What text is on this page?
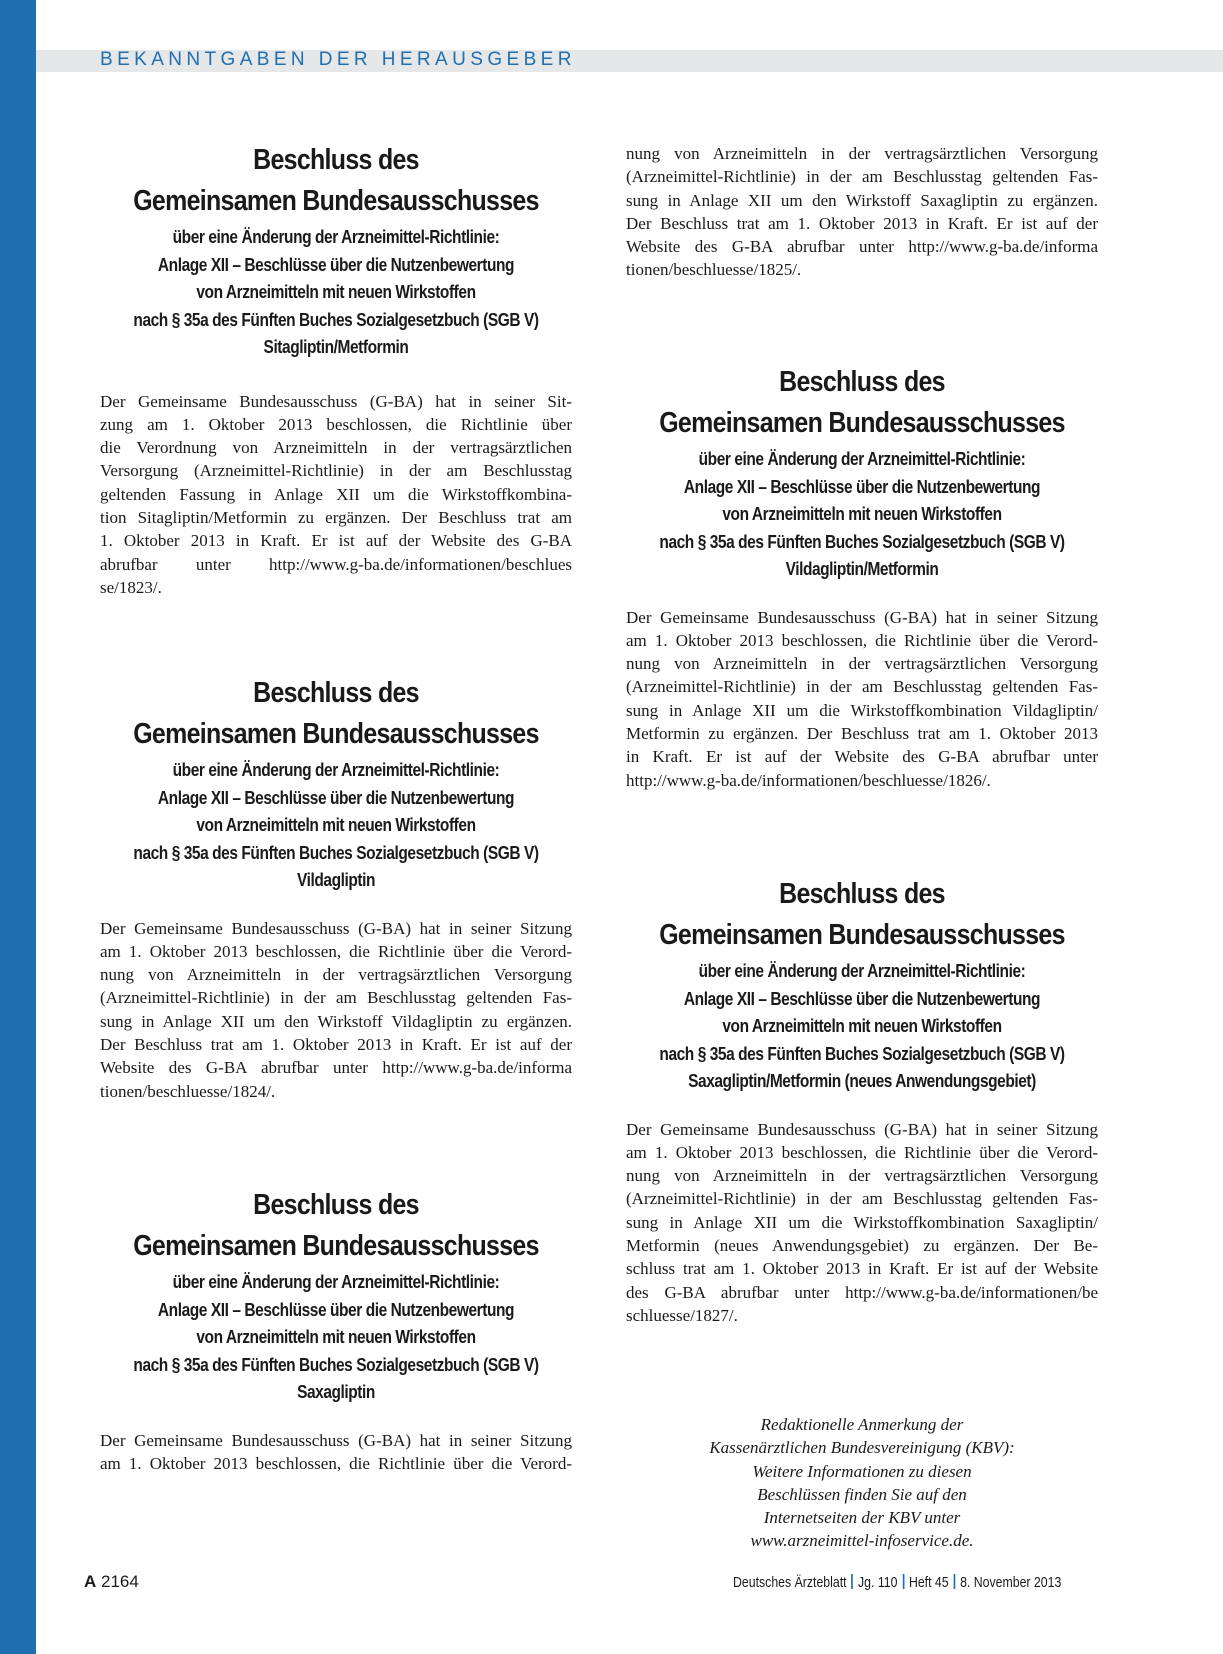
BEKANNTGABEN DER HERAUSGEBER
Beschluss des
Gemeinsamen Bundesausschusses
über eine Änderung der Arzneimittel-Richtlinie:
Anlage XII – Beschlüsse über die Nutzenbewertung
von Arzneimitteln mit neuen Wirkstoffen
nach § 35a des Fünften Buches Sozialgesetzbuch (SGB V)
Sitagliptin/Metformin
Der Gemeinsame Bundesausschuss (G-BA) hat in seiner Sit-
zung am 1. Oktober 2013 beschlossen, die Richtlinie über
die Verordnung von Arzneimitteln in der vertragsärztlichen
Versorgung (Arzneimittel-Richtlinie) in der am Beschlusstag
geltenden Fassung in Anlage XII um die Wirkstoffkombina-
tion Sitagliptin/Metformin zu ergänzen. Der Beschluss trat am
1. Oktober 2013 in Kraft. Er ist auf der Website des G-BA
abrufbar unter http://www.g-ba.de/informationen/beschlues
se/1823/.
Beschluss des
Gemeinsamen Bundesausschusses
über eine Änderung der Arzneimittel-Richtlinie:
Anlage XII – Beschlüsse über die Nutzenbewertung
von Arzneimitteln mit neuen Wirkstoffen
nach § 35a des Fünften Buches Sozialgesetzbuch (SGB V)
Vildagliptin
Der Gemeinsame Bundesausschuss (G-BA) hat in seiner Sitzung
am 1. Oktober 2013 beschlossen, die Richtlinie über die Verord-
nung von Arzneimitteln in der vertragsärztlichen Versorgung
(Arzneimittel-Richtlinie) in der am Beschlusstag geltenden Fas-
sung in Anlage XII um den Wirkstoff Vildagliptin zu ergänzen.
Der Beschluss trat am 1. Oktober 2013 in Kraft. Er ist auf der
Website des G-BA abrufbar unter http://www.g-ba.de/informa
tionen/beschluesse/1824/.
Beschluss des
Gemeinsamen Bundesausschusses
über eine Änderung der Arzneimittel-Richtlinie:
Anlage XII – Beschlüsse über die Nutzenbewertung
von Arzneimitteln mit neuen Wirkstoffen
nach § 35a des Fünften Buches Sozialgesetzbuch (SGB V)
Saxagliptin
Der Gemeinsame Bundesausschuss (G-BA) hat in seiner Sitzung
am 1. Oktober 2013 beschlossen, die Richtlinie über die Verord-
nung von Arzneimitteln in der vertragsärztlichen Versorgung
(Arzneimittel-Richtlinie) in der am Beschlusstag geltenden Fas-
sung in Anlage XII um den Wirkstoff Saxagliptin zu ergänzen.
Der Beschluss trat am 1. Oktober 2013 in Kraft. Er ist auf der
Website des G-BA abrufbar unter http://www.g-ba.de/informa
tionen/beschluesse/1825/.
Beschluss des
Gemeinsamen Bundesausschusses
über eine Änderung der Arzneimittel-Richtlinie:
Anlage XII – Beschlüsse über die Nutzenbewertung
von Arzneimitteln mit neuen Wirkstoffen
nach § 35a des Fünften Buches Sozialgesetzbuch (SGB V)
Vildagliptin/Metformin
Der Gemeinsame Bundesausschuss (G-BA) hat in seiner Sitzung
am 1. Oktober 2013 beschlossen, die Richtlinie über die Verord-
nung von Arzneimitteln in der vertragsärztlichen Versorgung
(Arzneimittel-Richtlinie) in der am Beschlusstag geltenden Fas-
sung in Anlage XII um die Wirkstoffkombination Vildagliptin/
Metformin zu ergänzen. Der Beschluss trat am 1. Oktober 2013
in Kraft. Er ist auf der Website des G-BA abrufbar unter
http://www.g-ba.de/informationen/beschluesse/1826/.
Beschluss des
Gemeinsamen Bundesausschusses
über eine Änderung der Arzneimittel-Richtlinie:
Anlage XII – Beschlüsse über die Nutzenbewertung
von Arzneimitteln mit neuen Wirkstoffen
nach § 35a des Fünften Buches Sozialgesetzbuch (SGB V)
Saxagliptin/Metformin (neues Anwendungsgebiet)
Der Gemeinsame Bundesausschuss (G-BA) hat in seiner Sitzung
am 1. Oktober 2013 beschlossen, die Richtlinie über die Verord-
nung von Arzneimitteln in der vertragsärztlichen Versorgung
(Arzneimittel-Richtlinie) in der am Beschlusstag geltenden Fas-
sung in Anlage XII um die Wirkstoffkombination Saxagliptin/
Metformin (neues Anwendungsgebiet) zu ergänzen. Der Be-
schluss trat am 1. Oktober 2013 in Kraft. Er ist auf der Website
des G-BA abrufbar unter http://www.g-ba.de/informationen/be
schluesse/1827/.
Redaktionelle Anmerkung der
Kassenärztlichen Bundesvereinigung (KBV):
Weitere Informationen zu diesen
Beschlüssen finden Sie auf den
Internetseiten der KBV unter
www.arzneimittel-infoservice.de.
A 2164	Deutsches Ärzteblatt Jg. 110 Heft 45 8. November 2013
